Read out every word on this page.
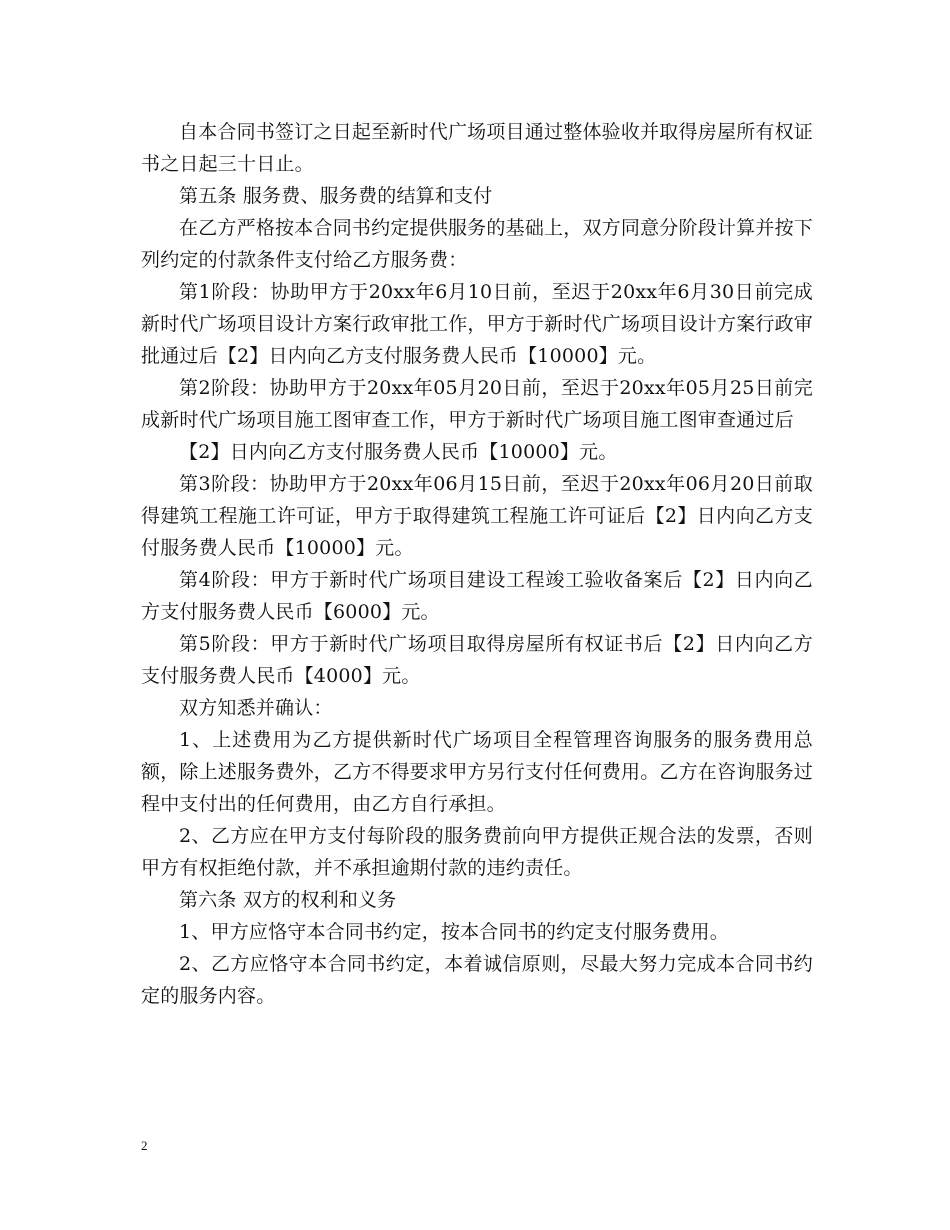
自本合同书签订之日起至新时代广场项目通过整体验收并取得房屋所有权证书之日起三十日止。

第五条 服务费、服务费的结算和支付

在乙方严格按本合同书约定提供服务的基础上，双方同意分阶段计算并按下列约定的付款条件支付给乙方服务费：

第1阶段：协助甲方于20xx年6月10日前，至迟于20xx年6月30日前完成新时代广场项目设计方案行政审批工作，甲方于新时代广场项目设计方案行政审批通过后【2】日内向乙方支付服务费人民币【10000】元。

第2阶段：协助甲方于20xx年05月20日前，至迟于20xx年05月25日前完成新时代广场项目施工图审查工作，甲方于新时代广场项目施工图审查通过后

【2】日内向乙方支付服务费人民币【10000】元。

第3阶段：协助甲方于20xx年06月15日前，至迟于20xx年06月20日前取得建筑工程施工许可证，甲方于取得建筑工程施工许可证后【2】日内向乙方支付服务费人民币【10000】元。

第4阶段：甲方于新时代广场项目建设工程竣工验收备案后【2】日内向乙方支付服务费人民币【6000】元。

第5阶段：甲方于新时代广场项目取得房屋所有权证书后【2】日内向乙方支付服务费人民币【4000】元。

双方知悉并确认：

1、上述费用为乙方提供新时代广场项目全程管理咨询服务的服务费用总额，除上述服务费外，乙方不得要求甲方另行支付任何费用。乙方在咨询服务过程中支付出的任何费用，由乙方自行承担。

2、乙方应在甲方支付每阶段的服务费前向甲方提供正规合法的发票，否则甲方有权拒绝付款，并不承担逾期付款的违约责任。

第六条 双方的权利和义务

1、甲方应恪守本合同书约定，按本合同书的约定支付服务费用。

2、乙方应恪守本合同书约定，本着诚信原则，尽最大努力完成本合同书约定的服务内容。

2
